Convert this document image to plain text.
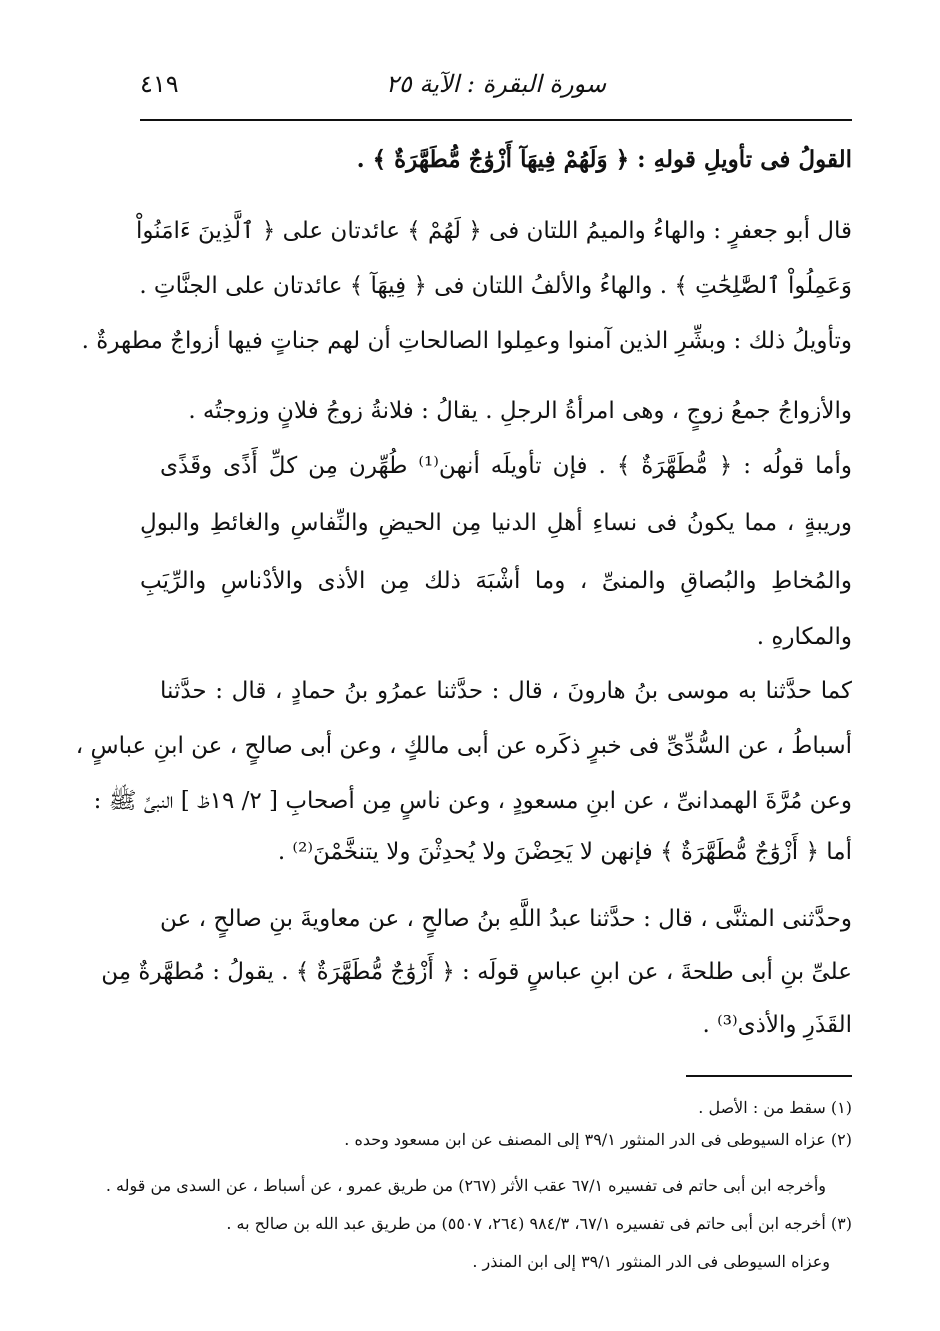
سورة البقرة : الآية ٢٥
٤١٩
القولُ فى تأويلِ قولهِ : ﴿ وَلَهُمْ فِيهَآ أَزْوَٰجٌ مُّطَهَّرَةٌ ﴾ .
قال أبو جعفرٍ : والهاءُ والميمُ اللتان فى ﴿ لَهُمْ ﴾ عائدتان على ﴿ ٱلَّذِينَ ءَامَنُواْ
وَعَمِلُواْ ٱلصَّٰلِحَٰتِ ﴾ . والهاءُ والألفُ اللتان فى ﴿ فِيهَآ ﴾ عائدتان على الجنَّاتِ .
وتأويلُ ذلك : وبشِّرِ الذين آمنوا وعمِلوا الصالحاتِ أن لهم جناتٍ فيها أزواجٌ مطهرةٌ .
والأزواجُ جمعُ زوجٍ ، وهى امرأةُ الرجلِ . يقالُ : فلانةُ زوجُ فلانٍ وزوجتُه .
وأما قولُه : ﴿ مُّطَهَّرَةٌ ﴾ . فإن تأويلَه أنهن⁽¹⁾ طُهِّرن مِن كلِّ أَذًى وقَذًى
وريبةٍ ، مما يكونُ فى نساءِ أهلِ الدنيا مِن الحيضِ والنِّفاسِ والغائطِ والبولِ
والمُخاطِ والبُصاقِ والمنىِّ ، وما أشْبَهَ ذلك مِن الأذى والأدْناسِ والرِّيَبِ
والمكارهِ .
كما حدَّثنا به موسى بنُ هارونَ ، قال : حدَّثنا عمرُو بنُ حمادٍ ، قال : حدَّثنا
أسباطُ ، عن السُّدِّىِّ فى خبرٍ ذكَره عن أبى مالكٍ ، وعن أبى صالحٍ ، عن ابنِ عباسٍ ،
وعن مُرَّةَ الهمدانىِّ ، عن ابنِ مسعودٍ ، وعن ناسٍ مِن أصحابِ [ ٢/ ١٩ظ ] النبىِّ ﷺ :
أما ﴿ أَزْوَٰجٌ مُّطَهَّرَةٌ ﴾ فإنهن لا يَحِضْنَ ولا يُحدِثْنَ ولا يتنخَّمْنَ⁽²⁾ .
وحدَّثنى المثنَّى ، قال : حدَّثنا عبدُ اللَّهِ بنُ صالحٍ ، عن معاويةَ بنِ صالحٍ ، عن
علىِّ بنِ أبى طلحةَ ، عن ابنِ عباسٍ قولَه : ﴿ أَزْوَٰجٌ مُّطَهَّرَةٌ ﴾ . يقولُ : مُطهَّرةٌ مِن
القَذَرِ والأذى⁽³⁾ .
(١) سقط من : الأصل .
(٢) عزاه السيوطى فى الدر المنثور ٣٩/١ إلى المصنف عن ابن مسعود وحده .
وأخرجه ابن أبى حاتم فى تفسيره ٦٧/١ عقب الأثر (٢٦٧) من طريق عمرو ، عن أسباط ، عن السدى من قوله .
(٣) أخرجه ابن أبى حاتم فى تفسيره ٦٧/١، ٩٨٤/٣ (٢٦٤، ٥٥٠٧) من طريق عبد الله بن صالح به .
وعزاه السيوطى فى الدر المنثور ٣٩/١ إلى ابن المنذر .
